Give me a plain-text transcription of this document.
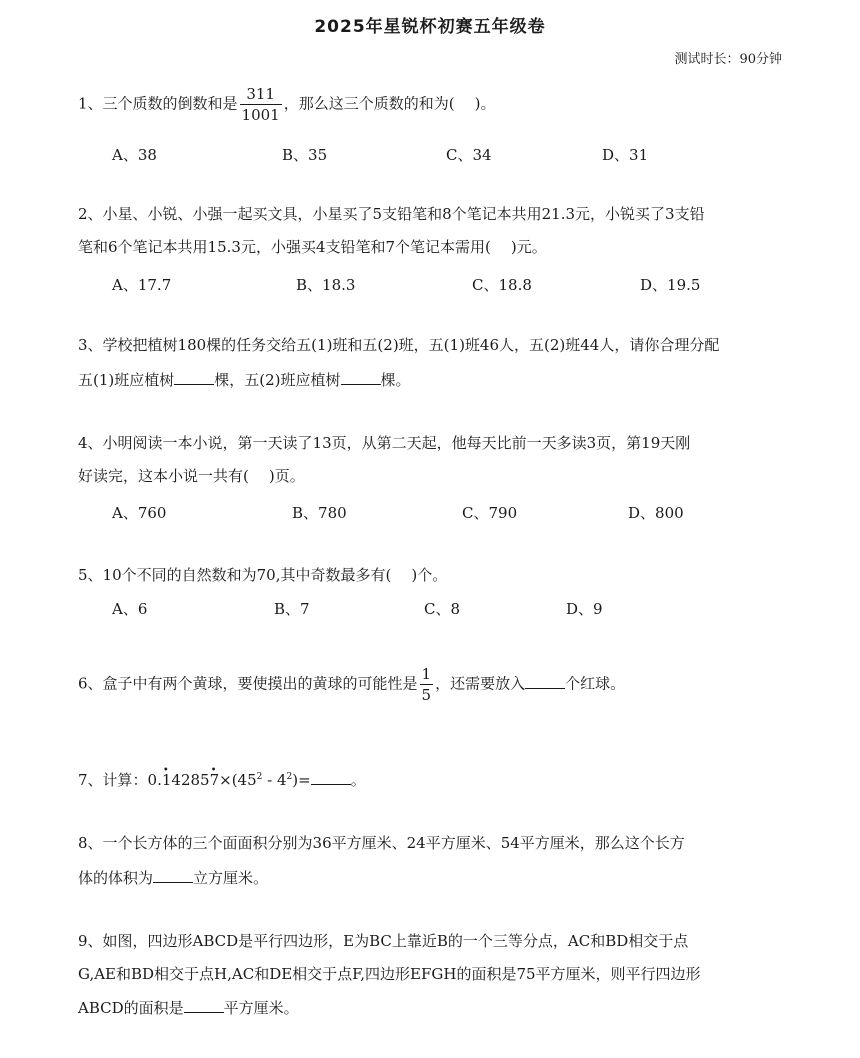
2025年星锐杯初赛五年级卷
测试时长：90分钟
1、三个质数的倒数和是 $\frac{311}{1001}$ ，那么这三个质数的和为( )。
A、38	B、35	C、34	D、31
2、小星、小锐、小强一起买文具，小星买了5支铅笔和8个笔记本共用21.3元，小锐买了3支铅
笔和6个笔记本共用15.3元，小强买4支铅笔和7个笔记本需用( )元。
A、17.7	B、18.3	C、18.8	D、19.5
3、学校把植树180棵的任务交给五(1)班和五(2)班，五(1)班46人，五(2)班44人，请你合理分配
五(1)班应植树	棵，五(2)班应植树	棵。
4、小明阅读一本小说，第一天读了13页，从第二天起，他每天比前一天多读3页，第19天刚
好读完，这本小说一共有( )页。
A、760	B、780	C、790	D、800
5、10个不同的自然数和为70,其中奇数最多有( )个。
A、6	B、7	C、8	D、9
6、盒子中有两个黄球，要使摸出的黄球的可能性是 $\frac{1}{5}$ ，还需要放入	个红球。
7、计算：0.• 14285• $7\times(45^2 - 4^2)=$	。
8、一个长方体的三个面面积分别为36平方厘米、24平方厘米、54平方厘米，那么这个长方
体的体积为	立方厘米。
9、如图，四边形ABCD是平行四边形，E为BC上靠近B的一个三等分点，AC和BD相交于点
G,AE和BD相交于点H,AC和DE相交于点F,四边形EFGH的面积是75平方厘米，则平行四边形
ABCD的面积是	平方厘米。
